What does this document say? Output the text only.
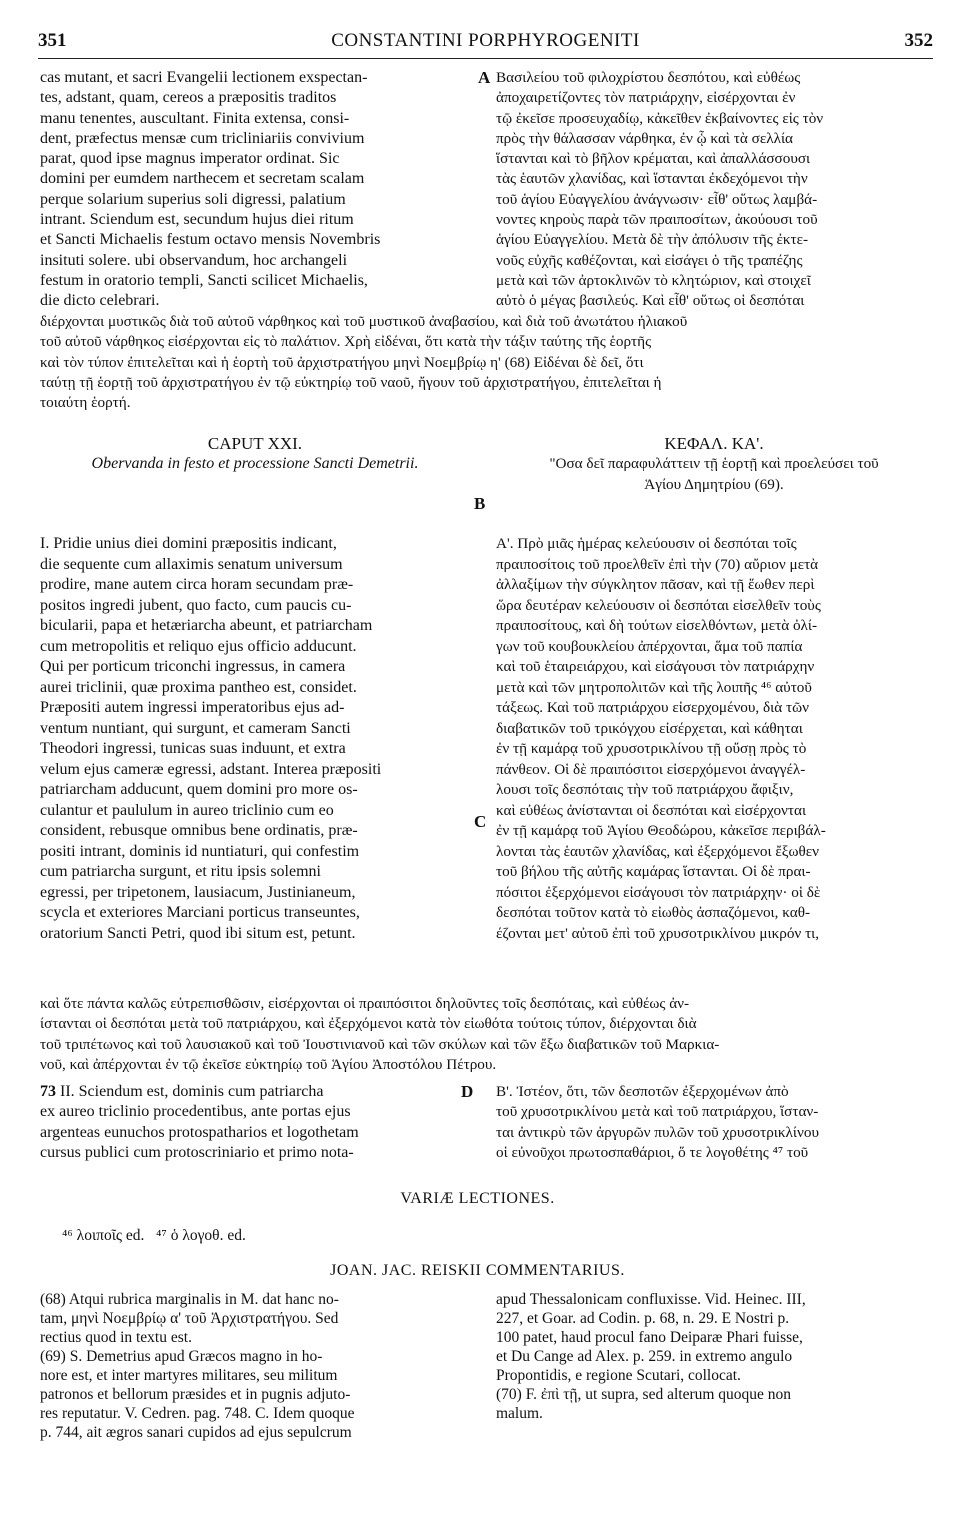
351	CONSTANTINI PORPHYROGENITI	352
A
B
C
D
cas mutant, et sacri Evangelii lectionem exspectan-
tes, adstant, quam, cereos a præpositis traditos
manu tenentes, auscultant. Finita extensa, consi-
dent, præfectus mensæ cum tricliniariis convivium
parat, quod ipse magnus imperator ordinat. Sic
domini per eumdem narthecem et secretam scalam
perque solarium superius soli digressi, palatium
intrant. Sciendum est, secundum hujus diei ritum
et Sancti Michaelis festum octavo mensis Novembris
insituti solere. ubi observandum, hoc archangeli
festum in oratorio templi, Sancti scilicet Michaelis,
die dicto celebrari.
Βασιλείου τοῦ φιλοχρίστου δεσπότου, καὶ εὐθέως
ἀποχαιρετίζοντες τὸν πατριάρχην, εἰσέρχονται ἐν
τῷ ἐκεῖσε προσευχαδίῳ, κἀκεῖθεν ἐκβαίνοντες εἰς τὸν
πρὸς τὴν θάλασσαν νάρθηκα, ἐν ᾧ καὶ τὰ σελλία
ἵστανται καὶ τὸ βῆλον κρέμαται, καὶ ἀπαλλάσσουσι
τὰς ἑαυτῶν χλανίδας, καὶ ἵστανται ἐκδεχόμενοι τὴν
τοῦ ἁγίου Εὐαγγελίου ἀνάγνωσιν· εἶθ' οὕτως λαμβά-
νοντες κηροὺς παρὰ τῶν πραιποσίτων, ἀκούουσι τοῦ
ἁγίου Εὐαγγελίου. Μετὰ δὲ τὴν ἀπόλυσιν τῆς ἐκτε-
νοῦς εὐχῆς καθέζονται, καὶ εἰσάγει ὁ τῆς τραπέζης
μετὰ καὶ τῶν ἀρτοκλινῶν τὸ κλητώριον, καὶ στοιχεῖ
αὐτὸ ὁ μέγας βασιλεύς. Καὶ εἶθ' οὕτως οἱ δεσπόται
διέρχονται μυστικῶς διὰ τοῦ αὐτοῦ νάρθηκος καὶ τοῦ μυστικοῦ ἀναβασίου, καὶ διὰ τοῦ ἀνωτάτου ἡλιακοῦ
τοῦ αὐτοῦ νάρθηκος εἰσέρχονται εἰς τὸ παλάτιον. Χρὴ εἰδέναι, ὅτι κατὰ τὴν τάξιν ταύτης τῆς ἑορτῆς
καὶ τὸν τύπον ἐπιτελεῖται καὶ ἡ ἑορτὴ τοῦ ἀρχιστρατήγου μηνὶ Νοεμβρίῳ η' (68) Εἰδέναι δὲ δεῖ, ὅτι
ταύτῃ τῇ ἑορτῇ τοῦ ἀρχιστρατήγου ἐν τῷ εὐκτηρίῳ τοῦ ναοῦ, ἤγουν τοῦ ἀρχιστρατήγου, ἐπιτελεῖται ἡ
τοιαύτη ἑορτή.
CAPUT XXI.
Obervanda in festo et processione Sancti Demetrii.
ΚΕΦΑΛ. ΚΑ'.
"Οσα δεῖ παραφυλάττειν τῇ ἑορτῇ καὶ προελεύσει τοῦ
Ἁγίου Δημητρίου (69).
I. Pridie unius diei domini præpositis indicant,
die sequente cum allaximis senatum universum
prodire, mane autem circa horam secundam præ-
positos ingredi jubent, quo facto, cum paucis cu-
bicularii, papa et hetæriarcha abeunt, et patriarcham
cum metropolitis et reliquo ejus officio adducunt.
Qui per porticum triconchi ingressus, in camera
aurei triclinii, quæ proxima pantheo est, considet.
Præpositi autem ingressi imperatoribus ejus ad-
ventum nuntiant, qui surgunt, et cameram Sancti
Theodori ingressi, tunicas suas induunt, et extra
velum ejus cameræ egressi, adstant. Interea præpositi
patriarcham adducunt, quem domini pro more os-
culantur et paululum in aureo triclinio cum eo
consident, rebusque omnibus bene ordinatis, præ-
positi intrant, dominis id nuntiaturi, qui confestim
cum patriarcha surgunt, et ritu ipsis solemni
egressi, per tripetonem, lausiacum, Justinianeum,
scycla et exteriores Marciani porticus transeuntes,
oratorium Sancti Petri, quod ibi situm est, petunt.
Α'. Πρὸ μιᾶς ἡμέρας κελεύουσιν οἱ δεσπόται τοῖς
πραιποσίτοις τοῦ προελθεῖν ἐπὶ τὴν (70) αὔριον μετὰ
ἀλλαξίμων τὴν σύγκλητον πᾶσαν, καὶ τῇ ἕωθεν περὶ
ὥρα δευτέραν κελεύουσιν οἱ δεσπόται εἰσελθεῖν τοὺς
πραιποσίτους, καὶ δὴ τούτων εἰσελθόντων, μετὰ ὀλί-
γων τοῦ κουβουκλείου ἀπέρχονται, ἅμα τοῦ παπία
καὶ τοῦ ἑταιρειάρχου, καὶ εἰσάγουσι τὸν πατριάρχην
μετὰ καὶ τῶν μητροπολιτῶν καὶ τῆς λοιπῆς ⁴⁶ αὐτοῦ
τάξεως. Καὶ τοῦ πατριάρχου εἰσερχομένου, διὰ τῶν
διαβατικῶν τοῦ τρικόγχου εἰσέρχεται, καὶ κάθηται
ἐν τῇ καμάρᾳ τοῦ χρυσοτρικλίνου τῇ οὔσῃ πρὸς τὸ
πάνθεον. Οἱ δὲ πραιπόσιτοι εἰσερχόμενοι ἀναγγέλ-
λουσι τοῖς δεσπόταις τὴν τοῦ πατριάρχου ἄφιξιν,
καὶ εὐθέως ἀνίστανται οἱ δεσπόται καὶ εἰσέρχονται
ἐν τῇ καμάρᾳ τοῦ Ἁγίου Θεοδώρου, κἀκεῖσε περιβάλ-
λονται τὰς ἑαυτῶν χλανίδας, καὶ ἐξερχόμενοι ἔξωθεν
τοῦ βήλου τῆς αὐτῆς καμάρας ἵστανται. Οἱ δὲ πραι-
πόσιτοι ἐξερχόμενοι εἰσάγουσι τὸν πατριάρχην· οἱ δὲ
δεσπόται τοῦτον κατὰ τὸ εἰωθὸς ἀσπαζόμενοι, καθ-
έζονται μετ' αὐτοῦ ἐπὶ τοῦ χρυσοτρικλίνου μικρόν τι,
καὶ ὅτε πάντα καλῶς εὐτρεπισθῶσιν, εἰσέρχονται οἱ πραιπόσιτοι δηλοῦντες τοῖς δεσπόταις, καὶ εὐθέως ἀν-
ίστανται οἱ δεσπόται μετὰ τοῦ πατριάρχου, καὶ ἐξερχόμενοι κατὰ τὸν εἰωθότα τούτοις τύπον, διέρχονται διὰ
τοῦ τριπέτωνος καὶ τοῦ λαυσιακοῦ καὶ τοῦ Ἰουστινιανοῦ καὶ τῶν σκύλων καὶ τῶν ἔξω διαβατικῶν τοῦ Μαρκια-
νοῦ, καὶ ἀπέρχονται ἐν τῷ ἐκεῖσε εὐκτηρίῳ τοῦ Ἁγίου Ἀποστόλου Πέτρου.
73 II. Sciendum est, dominis cum patriarcha
ex aureo triclinio procedentibus, ante portas ejus
argenteas eunuchos protospatharios et logothetam
cursus publici cum protoscriniario et primo nota-
Β'. Ἰστέον, ὅτι, τῶν δεσποτῶν ἐξερχομένων ἀπὸ
τοῦ χρυσοτρικλίνου μετὰ καὶ τοῦ πατριάρχου, ἵσταν-
ται ἀντικρὺ τῶν ἀργυρῶν πυλῶν τοῦ χρυσοτρικλίνου
οἱ εὐνοῦχοι πρωτοσπαθάριοι, ὅ τε λογοθέτης ⁴⁷ τοῦ
VARIÆ LECTIONES.
⁴⁶ λοιποῖς ed.   ⁴⁷ ὁ λογοθ. ed.
JOAN. JAC. REISKII COMMENTARIUS.
(68) Atqui rubrica marginalis in M. dat hanc no-
tam, μηνὶ Νοεμβρίῳ α' τοῦ Ἀρχιστρατήγου. Sed
rectius quod in textu est.
(69) S. Demetrius apud Græcos magno in ho-
nore est, et inter martyres militares, seu militum
patronos et bellorum præsides et in pugnis adjuto-
res reputatur. V. Cedren. pag. 748. C. Idem quoque
p. 744, ait ægros sanari cupidos ad ejus sepulcrum
apud Thessalonicam confluxisse. Vid. Heinec. III,
227, et Goar. ad Codin. p. 68, n. 29. E Nostri p.
100 patet, haud procul fano Deiparæ Phari fuisse,
et Du Cange ad Alex. p. 259. in extremo angulo
Propontidis, e regione Scutari, collocat.
(70) F. ἐπὶ τῇ, ut supra, sed alterum quoque non
malum.
